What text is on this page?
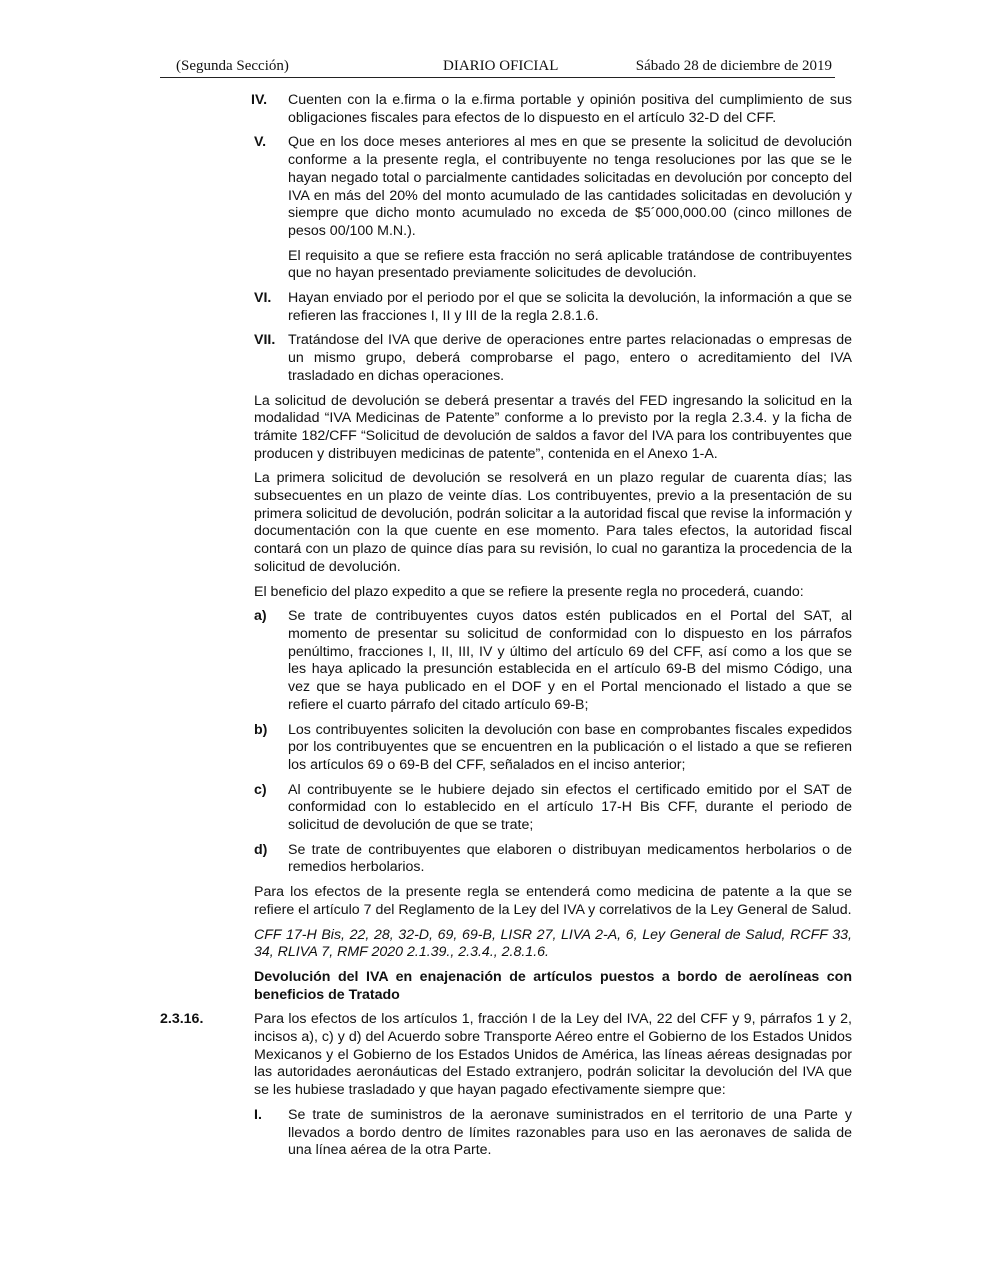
(Segunda Sección)	DIARIO OFICIAL	Sábado 28 de diciembre de 2019
IV. Cuenten con la e.firma o la e.firma portable y opinión positiva del cumplimiento de sus obligaciones fiscales para efectos de lo dispuesto en el artículo 32-D del CFF.

V. Que en los doce meses anteriores al mes en que se presente la solicitud de devolución conforme a la presente regla, el contribuyente no tenga resoluciones por las que se le hayan negado total o parcialmente cantidades solicitadas en devolución por concepto del IVA en más del 20% del monto acumulado de las cantidades solicitadas en devolución y siempre que dicho monto acumulado no exceda de $5´000,000.00 (cinco millones de pesos 00/100 M.N.).

El requisito a que se refiere esta fracción no será aplicable tratándose de contribuyentes que no hayan presentado previamente solicitudes de devolución.

VI. Hayan enviado por el periodo por el que se solicita la devolución, la información a que se refieren las fracciones I, II y III de la regla 2.8.1.6.

VII. Tratándose del IVA que derive de operaciones entre partes relacionadas o empresas de un mismo grupo, deberá comprobarse el pago, entero o acreditamiento del IVA trasladado en dichas operaciones.

La solicitud de devolución se deberá presentar a través del FED ingresando la solicitud en la modalidad “IVA Medicinas de Patente” conforme a lo previsto por la regla 2.3.4. y la ficha de trámite 182/CFF “Solicitud de devolución de saldos a favor del IVA para los contribuyentes que producen y distribuyen medicinas de patente”, contenida en el Anexo 1-A.

La primera solicitud de devolución se resolverá en un plazo regular de cuarenta días; las subsecuentes en un plazo de veinte días. Los contribuyentes, previo a la presentación de su primera solicitud de devolución, podrán solicitar a la autoridad fiscal que revise la información y documentación con la que cuente en ese momento. Para tales efectos, la autoridad fiscal contará con un plazo de quince días para su revisión, lo cual no garantiza la procedencia de la solicitud de devolución.

El beneficio del plazo expedito a que se refiere la presente regla no procederá, cuando:

a) Se trate de contribuyentes cuyos datos estén publicados en el Portal del SAT, al momento de presentar su solicitud de conformidad con lo dispuesto en los párrafos penúltimo, fracciones I, II, III, IV y último del artículo 69 del CFF, así como a los que se les haya aplicado la presunción establecida en el artículo 69-B del mismo Código, una vez que se haya publicado en el DOF y en el Portal mencionado el listado a que se refiere el cuarto párrafo del citado artículo 69-B;

b) Los contribuyentes soliciten la devolución con base en comprobantes fiscales expedidos por los contribuyentes que se encuentren en la publicación o el listado a que se refieren los artículos 69 o 69-B del CFF, señalados en el inciso anterior;

c) Al contribuyente se le hubiere dejado sin efectos el certificado emitido por el SAT de conformidad con lo establecido en el artículo 17-H Bis CFF, durante el periodo de solicitud de devolución de que se trate;

d) Se trate de contribuyentes que elaboren o distribuyan medicamentos herbolarios o de remedios herbolarios.

Para los efectos de la presente regla se entenderá como medicina de patente a la que se refiere el artículo 7 del Reglamento de la Ley del IVA y correlativos de la Ley General de Salud.

CFF 17-H Bis, 22, 28, 32-D, 69, 69-B, LISR 27, LIVA 2-A, 6, Ley General de Salud, RCFF 33, 34, RLIVA 7, RMF 2020 2.1.39., 2.3.4., 2.8.1.6.

Devolución del IVA en enajenación de artículos puestos a bordo de aerolíneas con beneficios de Tratado

2.3.16.	Para los efectos de los artículos 1, fracción I de la Ley del IVA, 22 del CFF y 9, párrafos 1 y 2, incisos a), c) y d) del Acuerdo sobre Transporte Aéreo entre el Gobierno de los Estados Unidos Mexicanos y el Gobierno de los Estados Unidos de América, las líneas aéreas designadas por las autoridades aeronáuticas del Estado extranjero, podrán solicitar la devolución del IVA que se les hubiese trasladado y que hayan pagado efectivamente siempre que:

I. Se trate de suministros de la aeronave suministrados en el territorio de una Parte y llevados a bordo dentro de límites razonables para uso en las aeronaves de salida de una línea aérea de la otra Parte.
